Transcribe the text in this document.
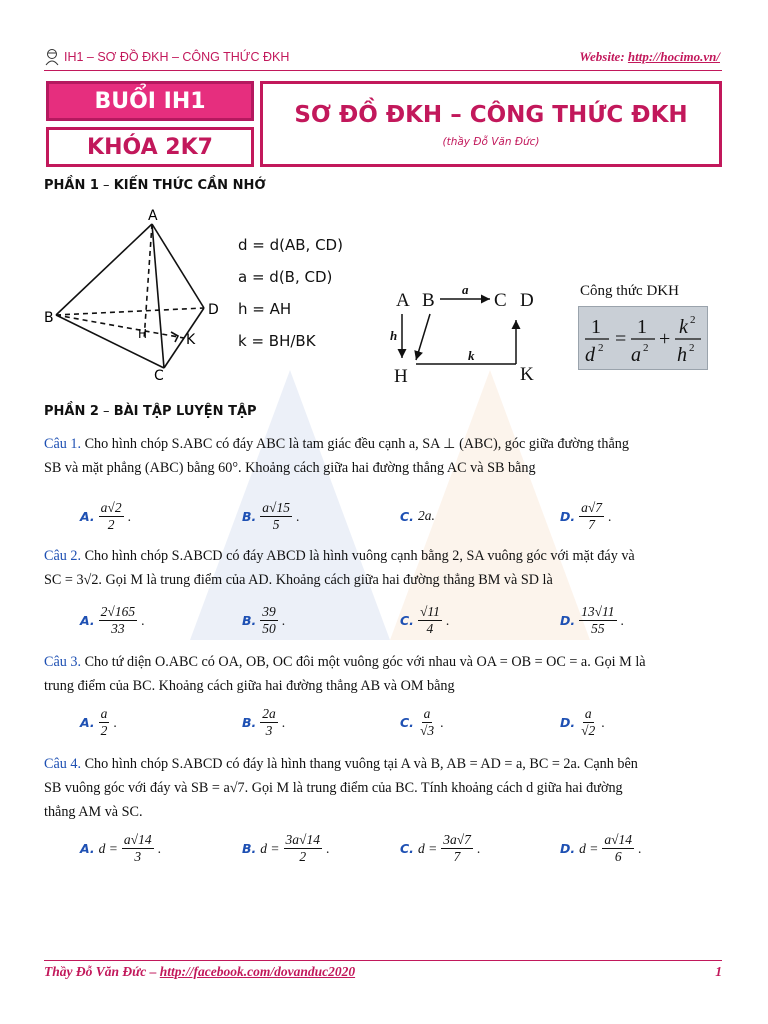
IH1 – SƠ ĐỒ ĐKH – CÔNG THỨC ĐKH	Website: http://hocimo.vn/
BUỔI IH1
KHÓA 2K7
SƠ ĐỒ ĐKH – CÔNG THỨC ĐKH
(thầy Đỗ Văn Đức)
PHẦN 1 – KIẾN THỨC CẦN NHỚ
A
B
C
D
H	K
d = d(AB, CD)
a = d(B, CD)
h = AH
k = BH/BK
A B	C D
H	K
a
h
k
Công thức DKH
1
d 2 =
1
a 2 +
k 2
h 2
PHẦN 2 – BÀI TẬP LUYỆN TẬP
Câu 1. Cho hình chóp S.ABC có đáy ABC là tam giác đều cạnh a, SA ⊥ (ABC), góc giữa đường thẳng
SB và mặt phẳng (ABC) bằng 60°. Khoảng cách giữa hai đường thẳng AC và SB bằng
A. $\frac{a√2}{2}$ .	B. $\frac{a√15}{5}$ .	C. 2a.	D. $\frac{a√7}{7}$ .
Câu 2. Cho hình chóp S.ABCD có đáy ABCD là hình vuông cạnh bằng 2, SA vuông góc với mặt đáy và
SC = 3√2. Gọi M là trung điểm của AD. Khoảng cách giữa hai đường thẳng BM và SD là
A. $\frac{2√165}{33}$ .	B. $\frac{39}{50}$ .	C. $\frac{√11}{4}$ .	D. $\frac{13√11}{55}$ .
Câu 3. Cho tứ diện O.ABC có OA, OB, OC đôi một vuông góc với nhau và OA = OB = OC = a. Gọi M là
trung điểm của BC. Khoảng cách giữa hai đường thẳng AB và OM bằng
A. $\frac{a}{2}$ .	B. $\frac{2a}{3}$ .	C. $\frac{a}{√3}$ .	D. $\frac{a}{√2}$ .
Câu 4. Cho hình chóp S.ABCD có đáy là hình thang vuông tại A và B, AB = AD = a, BC = 2a. Cạnh bên
SB vuông góc với đáy và SB = a√7. Gọi M là trung điểm của BC. Tính khoảng cách d giữa hai đường
thẳng AM và SC.
A. $d = \frac{a√14}{3}$ .	B. $d = \frac{3a√14}{2}$ .	C. $d = \frac{3a√7}{7}$ .	D. $d = \frac{a√14}{6}$ .
Thầy Đỗ Văn Đức – http://facebook.com/dovanduc2020	1
